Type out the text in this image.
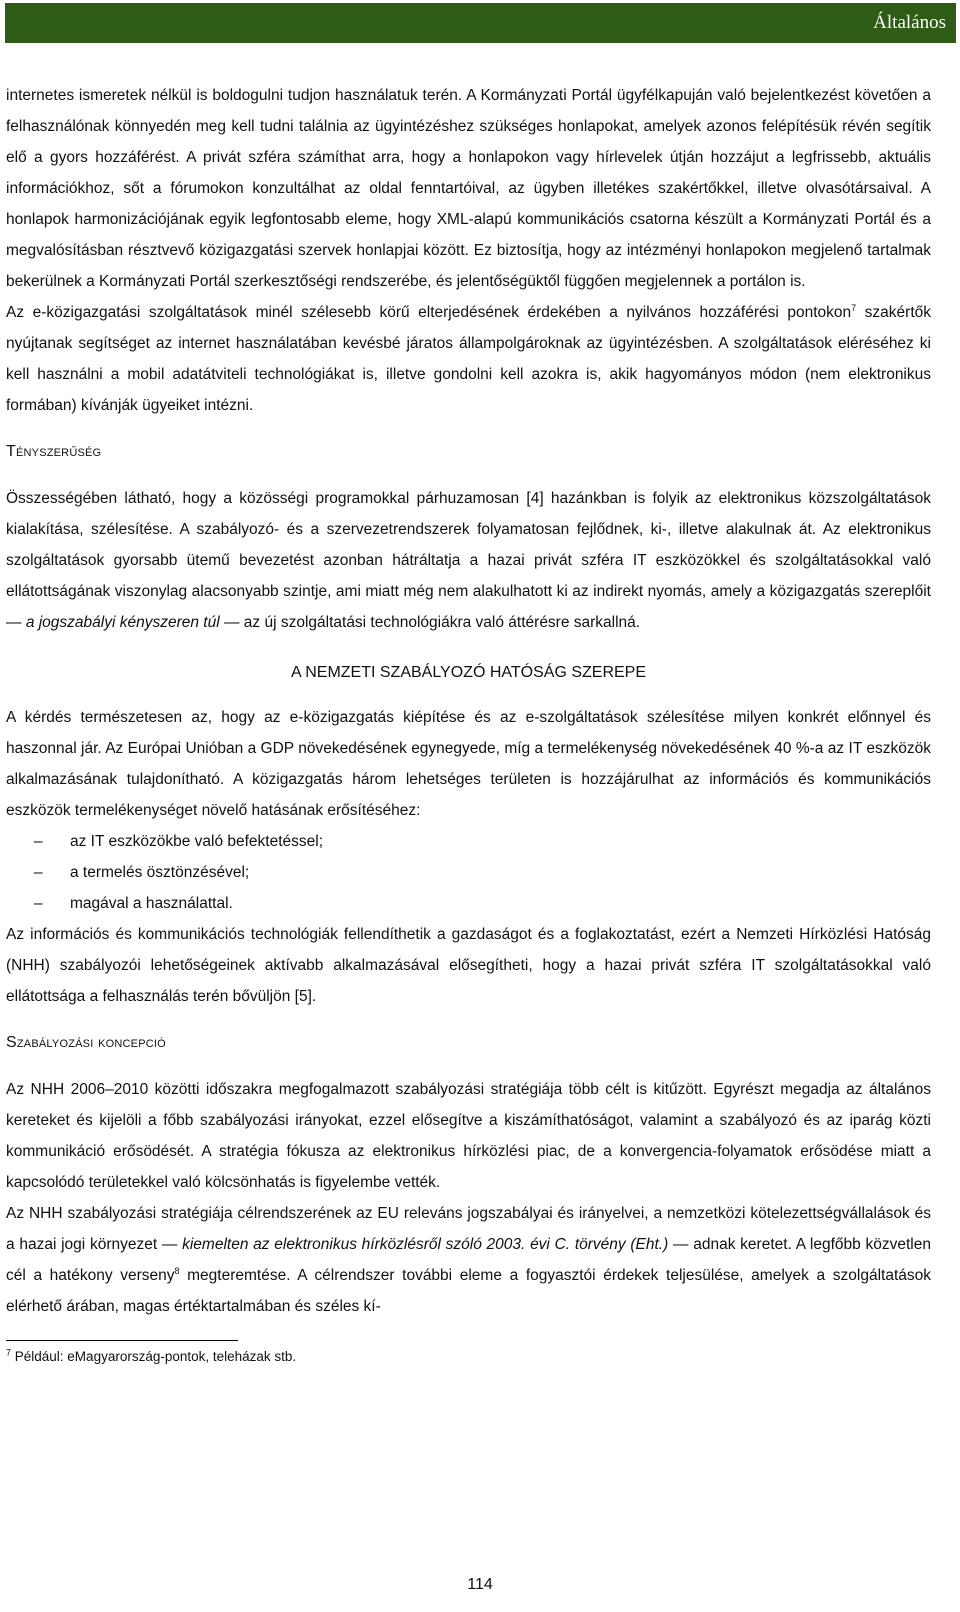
Általános

internetes ismeretek nélkül is boldogulni tudjon használatuk terén. A Kormányzati Portál ügyfélkapuján való bejelentkezést követően a felhasználónak könnyedén meg kell tudni találnia az ügyintézéshez szükséges honlapokat, amelyek azonos felépítésük révén segítik elő a gyors hozzáférést. A privát szféra számíthat arra, hogy a honlapokon vagy hírlevelek útján hozzájut a legfrissebb, aktuális információkhoz, sőt a fórumokon konzultálhat az oldal fenntartóival, az ügyben illetékes szakértőkkel, illetve olvasótársaival. A honlapok harmonizációjának egyik legfontosabb eleme, hogy XML-alapú kommunikációs csatorna készült a Kormányzati Portál és a megvalósításban résztvevő közigazgatási szervek honlapjai között. Ez biztosítja, hogy az intézményi honlapokon megjelenő tartalmak bekerülnek a Kormányzati Portál szerkesztőségi rendszerébe, és jelentőségüktől függően megjelennek a portálon is.

Az e-közigazgatási szolgáltatások minél szélesebb körű elterjedésének érdekében a nyilvános hozzáférési pontokon$^7$ szakértők nyújtanak segítséget az internet használatában kevésbé járatos állampolgároknak az ügyintézésben. A szolgáltatások eléréséhez ki kell használni a mobil adatátviteli technológiákat is, illetve gondolni kell azokra is, akik hagyományos módon (nem elektronikus formában) kívánják ügyeiket intézni.

Tényszerűség

Összességében látható, hogy a közösségi programokkal párhuzamosan [4] hazánkban is folyik az elektronikus közszolgáltatások kialakítása, szélesítése. A szabályozó- és a szervezetrendszerek folyamatosan fejlődnek, ki-, illetve alakulnak át. Az elektronikus szolgáltatások gyorsabb ütemű bevezetést azonban hátráltatja a hazai privát szféra IT eszközökkel és szolgáltatásokkal való ellátottságának viszonylag alacsonyabb szintje, ami miatt még nem alakulhatott ki az indirekt nyomás, amely a közigazgatás szereplőit — a jogszabályi kényszeren túl — az új szolgáltatási technológiákra való áttérésre sarkallná.

A NEMZETI SZABÁLYOZÓ HATÓSÁG SZEREPE

A kérdés természetesen az, hogy az e-közigazgatás kiépítése és az e-szolgáltatások szélesítése milyen konkrét előnnyel és haszonnal jár. Az Európai Unióban a GDP növekedésének egynegyede, míg a termelékenység növekedésének 40 %-a az IT eszközök alkalmazásának tulajdonítható. A közigazgatás három lehetséges területen is hozzájárulhat az információs és kommunikációs eszközök termelékenységet növelő hatásának erősítéséhez:

– az IT eszközökbe való befektetéssel;
– a termelés ösztönzésével;
– magával a használattal.

Az információs és kommunikációs technológiák fellendíthetik a gazdaságot és a foglakoztatást, ezért a Nemzeti Hírközlési Hatóság (NHH) szabályozói lehetőségeinek aktívabb alkalmazásával elősegítheti, hogy a hazai privát szféra IT szolgáltatásokkal való ellátottsága a felhasználás terén bővüljön [5].

Szabályozási koncepció

Az NHH 2006–2010 közötti időszakra megfogalmazott szabályozási stratégiája több célt is kitűzött. Egyrészt megadja az általános kereteket és kijelöli a főbb szabályozási irányokat, ezzel elősegítve a kiszámíthatóságot, valamint a szabályozó és az iparág közti kommunikáció erősödését. A stratégia fókusza az elektronikus hírközlési piac, de a konvergencia-folyamatok erősödése miatt a kapcsolódó területekkel való kölcsönhatás is figyelembe vették.

Az NHH szabályozási stratégiája célrendszerének az EU releváns jogszabályai és irányelvei, a nemzetközi kötelezettségvállalások és a hazai jogi környezet — kiemelten az elektronikus hírközlésről szóló 2003. évi C. törvény (Eht.) — adnak keretet. A legfőbb közvetlen cél a hatékony verseny$^8$ megteremtése. A célrendszer további eleme a fogyasztói érdekek teljesülése, amelyek a szolgáltatások elérhető árában, magas értéktartalmában és széles kí-

$^7$ Például: eMagyarország-pontok, teleházak stb.
114
